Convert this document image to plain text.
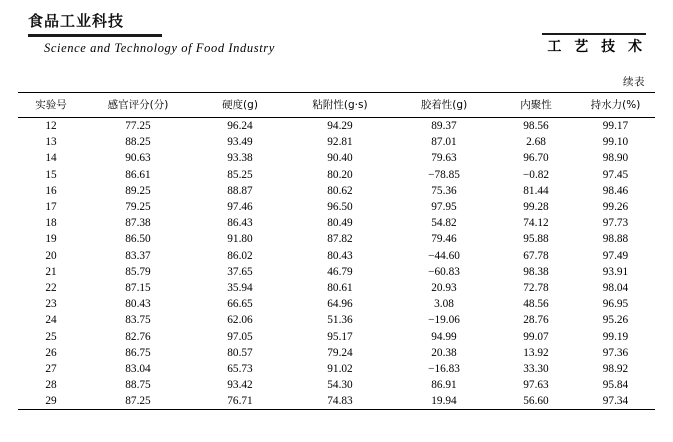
食品工业科技
Science and Technology of Food Industry	工 艺 技 术
续表
实验号	感官评分(分)	硬度(g)	粘附性(g·s)	胶着性(g)	内聚性	持水力(%)
12	77.25	96.24	94.29	89.37	98.56	99.17
13	88.25	93.49	92.81	87.01	2.68	99.10
14	90.63	93.38	90.40	79.63	96.70	98.90
15	86.61	85.25	80.20	−78.85	−0.82	97.45
16	89.25	88.87	80.62	75.36	81.44	98.46
17	79.25	97.46	96.50	97.95	99.28	99.26
18	87.38	86.43	80.49	54.82	74.12	97.73
19	86.50	91.80	87.82	79.46	95.88	98.88
20	83.37	86.02	80.43	−44.60	67.78	97.49
21	85.79	37.65	46.79	−60.83	98.38	93.91
22	87.15	35.94	80.61	20.93	72.78	98.04
23	80.43	66.65	64.96	3.08	48.56	96.95
24	83.75	62.06	51.36	−19.06	28.76	95.26
25	82.76	97.05	95.17	94.99	99.07	99.19
26	86.75	80.57	79.24	20.38	13.92	97.36
27	83.04	65.73	91.02	−16.83	33.30	98.92
28	88.75	93.42	54.30	86.91	97.63	95.84
29	87.25	76.71	74.83	19.94	56.60	97.34
